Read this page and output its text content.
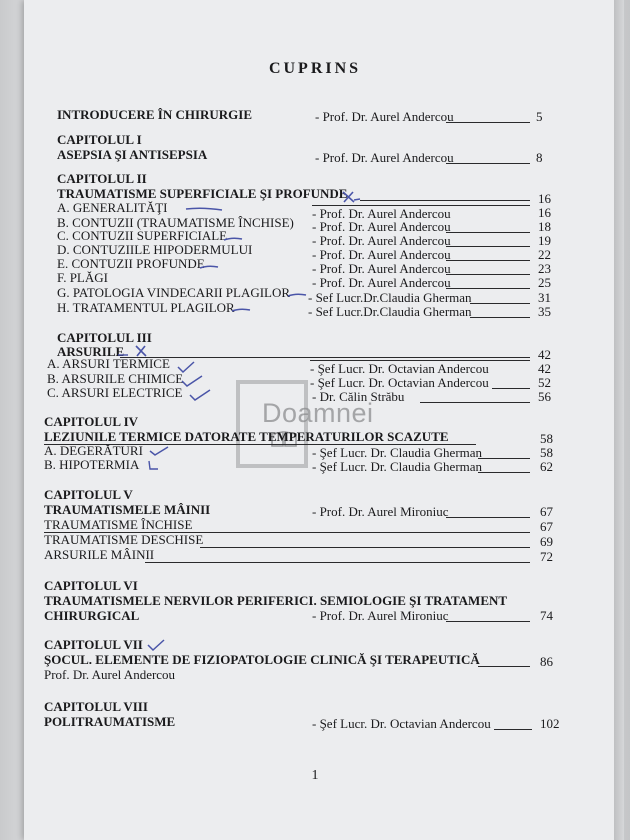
CUPRINS
INTRODUCERE ÎN CHIRURGIE	- Prof. Dr. Aurel Andercou	5
CAPITOLUL I
ASEPSIA ŞI ANTISEPSIA	- Prof. Dr. Aurel Andercou	8
CAPITOLUL II
TRAUMATISME SUPERFICIALE ŞI PROFUNDE	16
A. GENERALITĂŢI	- Prof. Dr. Aurel Andercou	16
B. CONTUZII (TRAUMATISME ÎNCHISE) - Prof. Dr. Aurel Andercou	18
C. CONTUZII SUPERFICIALE	- Prof. Dr. Aurel Andercou	19
D. CONTUZIILE HIPODERMULUI	- Prof. Dr. Aurel Andercou	22
E. CONTUZII PROFUNDE	- Prof. Dr. Aurel Andercou	23
F. PLĂGI	- Prof. Dr. Aurel Andercou	25
G. PATOLOGIA VINDECARII PLAGILOR - Sef Lucr.Dr.Claudia Gherman	31
H. TRATAMENTUL PLAGILOR	- Sef Lucr.Dr.Claudia Gherman	35
CAPITOLUL III
ARSURILE	42
A. ARSURI TERMICE	- Şef Lucr. Dr. Octavian Andercou	42
B. ARSURILE CHIMICE	- Şef Lucr. Dr. Octavian Andercou	52
C. ARSURI ELECTRICE	- Dr. Călin Străbu	56
Doamnei
CAPITOLUL IV
LEZIUNILE TERMICE DATORATE TEMPERATURILOR SCAZUTE	58
A. DEGERĂTURI	- Şef Lucr. Dr. Claudia Gherman	58
B. HIPOTERMIA	- Şef Lucr. Dr. Claudia Gherman	62
CAPITOLUL V
TRAUMATISMELE MÂINII	- Prof. Dr. Aurel Mironiuc	67
TRAUMATISME ÎNCHISE	67
TRAUMATISME DESCHISE	69
ARSURILE MÂINII	72
CAPITOLUL VI
TRAUMATISMELE NERVILOR PERIFERICI. SEMIOLOGIE ŞI TRATAMENT
CHIRURGICAL	- Prof. Dr. Aurel Mironiuc	74
CAPITOLUL VII
ŞOCUL. ELEMENTE DE FIZIOPATOLOGIE CLINICĂ ŞI TERAPEUTICĂ	86
Prof. Dr. Aurel Andercou
CAPITOLUL VIII
POLITRAUMATISME	- Şef Lucr. Dr. Octavian Andercou	102
1
